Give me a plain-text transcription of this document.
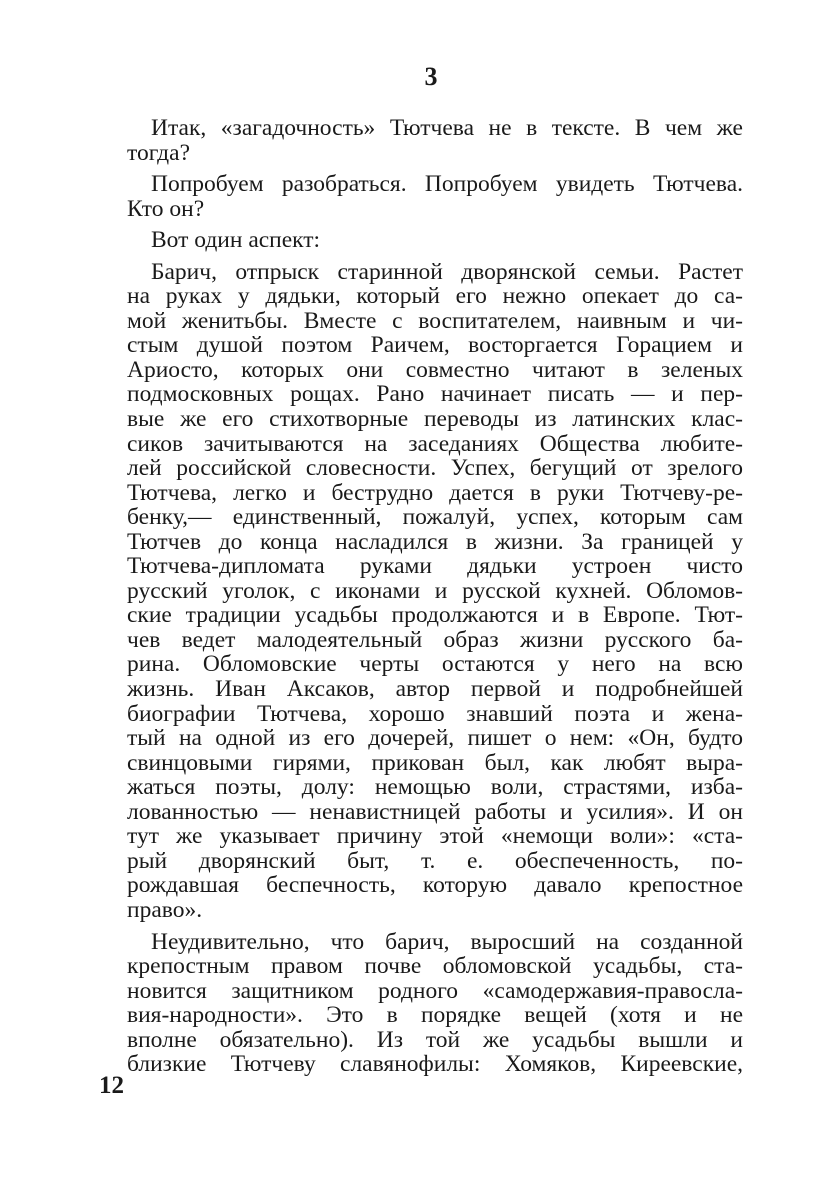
3
Итак, «загадочность» Тютчева не в тексте. В чем же
тогда?
Попробуем разобраться. Попробуем увидеть Тютчева.
Кто он?
Вот один аспект:
Барич, отпрыск старинной дворянской семьи. Растет
на руках у дядьки, который его нежно опекает до са-
мой женитьбы. Вместе с воспитателем, наивным и чи-
стым душой поэтом Раичем, восторгается Горацием и
Ариосто, которых они совместно читают в зеленых
подмосковных рощах. Рано начинает писать — и пер-
вые же его стихотворные переводы из латинских клас-
сиков зачитываются на заседаниях Общества любите-
лей российской словесности. Успех, бегущий от зрелого
Тютчева, легко и беструдно дается в руки Тютчеву-ре-
бенку,— единственный, пожалуй, успех, которым сам
Тютчев до конца насладился в жизни. За границей у
Тютчева-дипломата руками дядьки устроен чисто
русский уголок, с иконами и русской кухней. Обломов-
ские традиции усадьбы продолжаются и в Европе. Тют-
чев ведет малодеятельный образ жизни русского ба-
рина. Обломовские черты остаются у него на всю
жизнь. Иван Аксаков, автор первой и подробнейшей
биографии Тютчева, хорошо знавший поэта и жена-
тый на одной из его дочерей, пишет о нем: «Он, будто
свинцовыми гирями, прикован был, как любят выра-
жаться поэты, долу: немощью воли, страстями, изба-
лованностью — ненавистницей работы и усилия». И он
тут же указывает причину этой «немощи воли»: «ста-
рый дворянский быт, т. е. обеспеченность, по-
рождавшая беспечность, которую давало крепостное
право».
Неудивительно, что барич, выросший на созданной
крепостным правом почве обломовской усадьбы, ста-
новится защитником родного «самодержавия-правосла-
вия-народности». Это в порядке вещей (хотя и не
вполне обязательно). Из той же усадьбы вышли и
близкие Тютчеву славянофилы: Хомяков, Киреевские,
12
